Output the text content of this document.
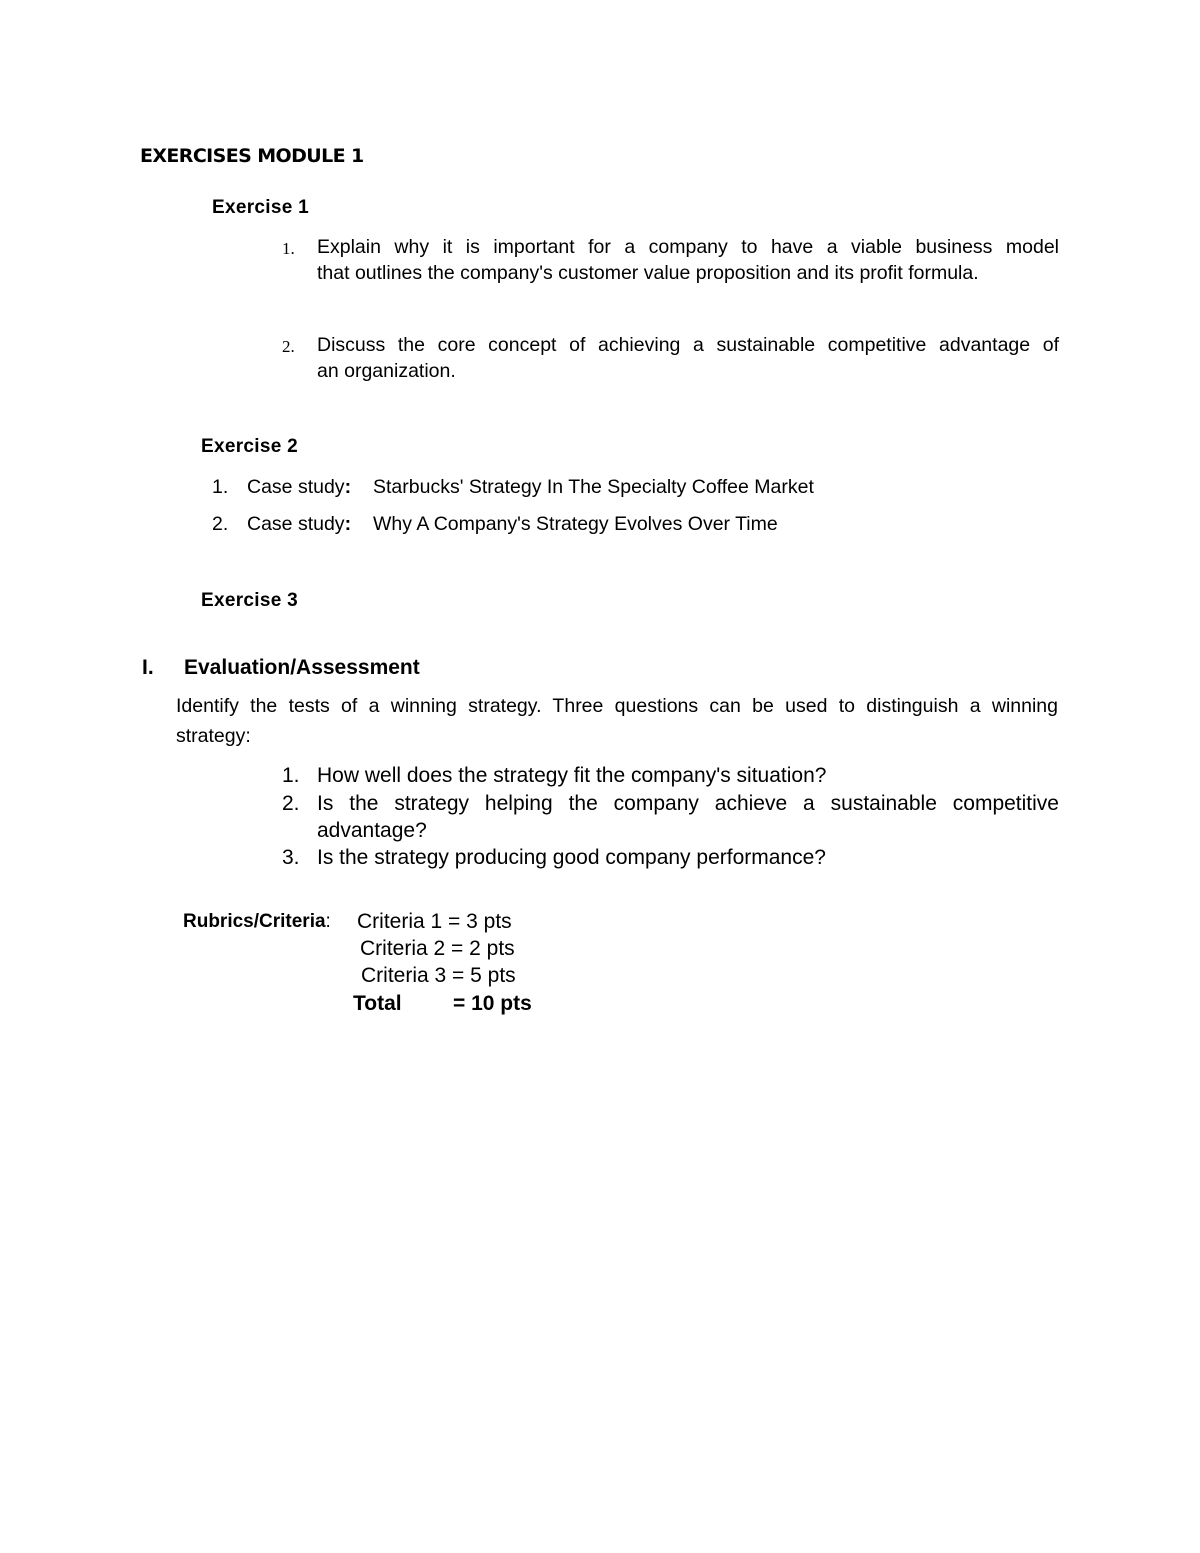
EXERCISES MODULE 1
Exercise 1
1. Explain why it is important for a company to have a viable business model
that outlines the company's customer value proposition and its profit formula.
2. Discuss the core concept of achieving a sustainable competitive advantage of
an organization.
Exercise 2
1. Case study: Starbucks' Strategy In The Specialty Coffee Market
2. Case study: Why A Company's Strategy Evolves Over Time
Exercise 3
I. Evaluation/Assessment
Identify the tests of a winning strategy. Three questions can be used to distinguish a winning
strategy:
1. How well does the strategy fit the company's situation?
2. Is the strategy helping the company achieve a sustainable competitive
advantage?
3. Is the strategy producing good company performance?
Rubrics/Criteria: Criteria 1 = 3 pts
Criteria 2 = 2 pts
Criteria 3 = 5 pts
Total = 10 pts
